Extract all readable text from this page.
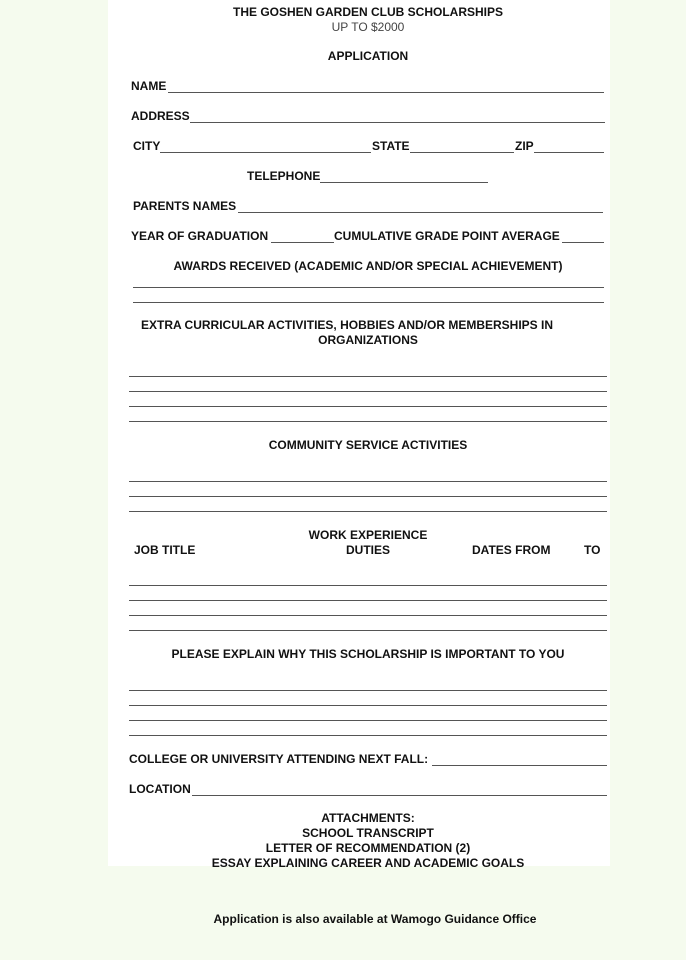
THE GOSHEN GARDEN CLUB SCHOLARSHIPS
UP TO $2000
APPLICATION
NAME
ADDRESS
CITY	STATE	ZIP
TELEPHONE
PARENTS NAMES
YEAR OF GRADUATION	CUMULATIVE GRADE POINT AVERAGE
AWARDS RECEIVED (ACADEMIC AND/OR SPECIAL ACHIEVEMENT)
EXTRA CURRICULAR ACTIVITIES, HOBBIES AND/OR MEMBERSHIPS IN
ORGANIZATIONS
COMMUNITY SERVICE ACTIVITIES
WORK EXPERIENCE
JOB TITLE	DUTIES	DATES FROM	TO
PLEASE EXPLAIN WHY THIS SCHOLARSHIP IS IMPORTANT TO YOU
COLLEGE OR UNIVERSITY ATTENDING NEXT FALL:
LOCATION
ATTACHMENTS:
SCHOOL TRANSCRIPT
LETTER OF RECOMMENDATION (2)
ESSAY EXPLAINING CAREER AND ACADEMIC GOALS
Application is also available at Wamogo Guidance Office
